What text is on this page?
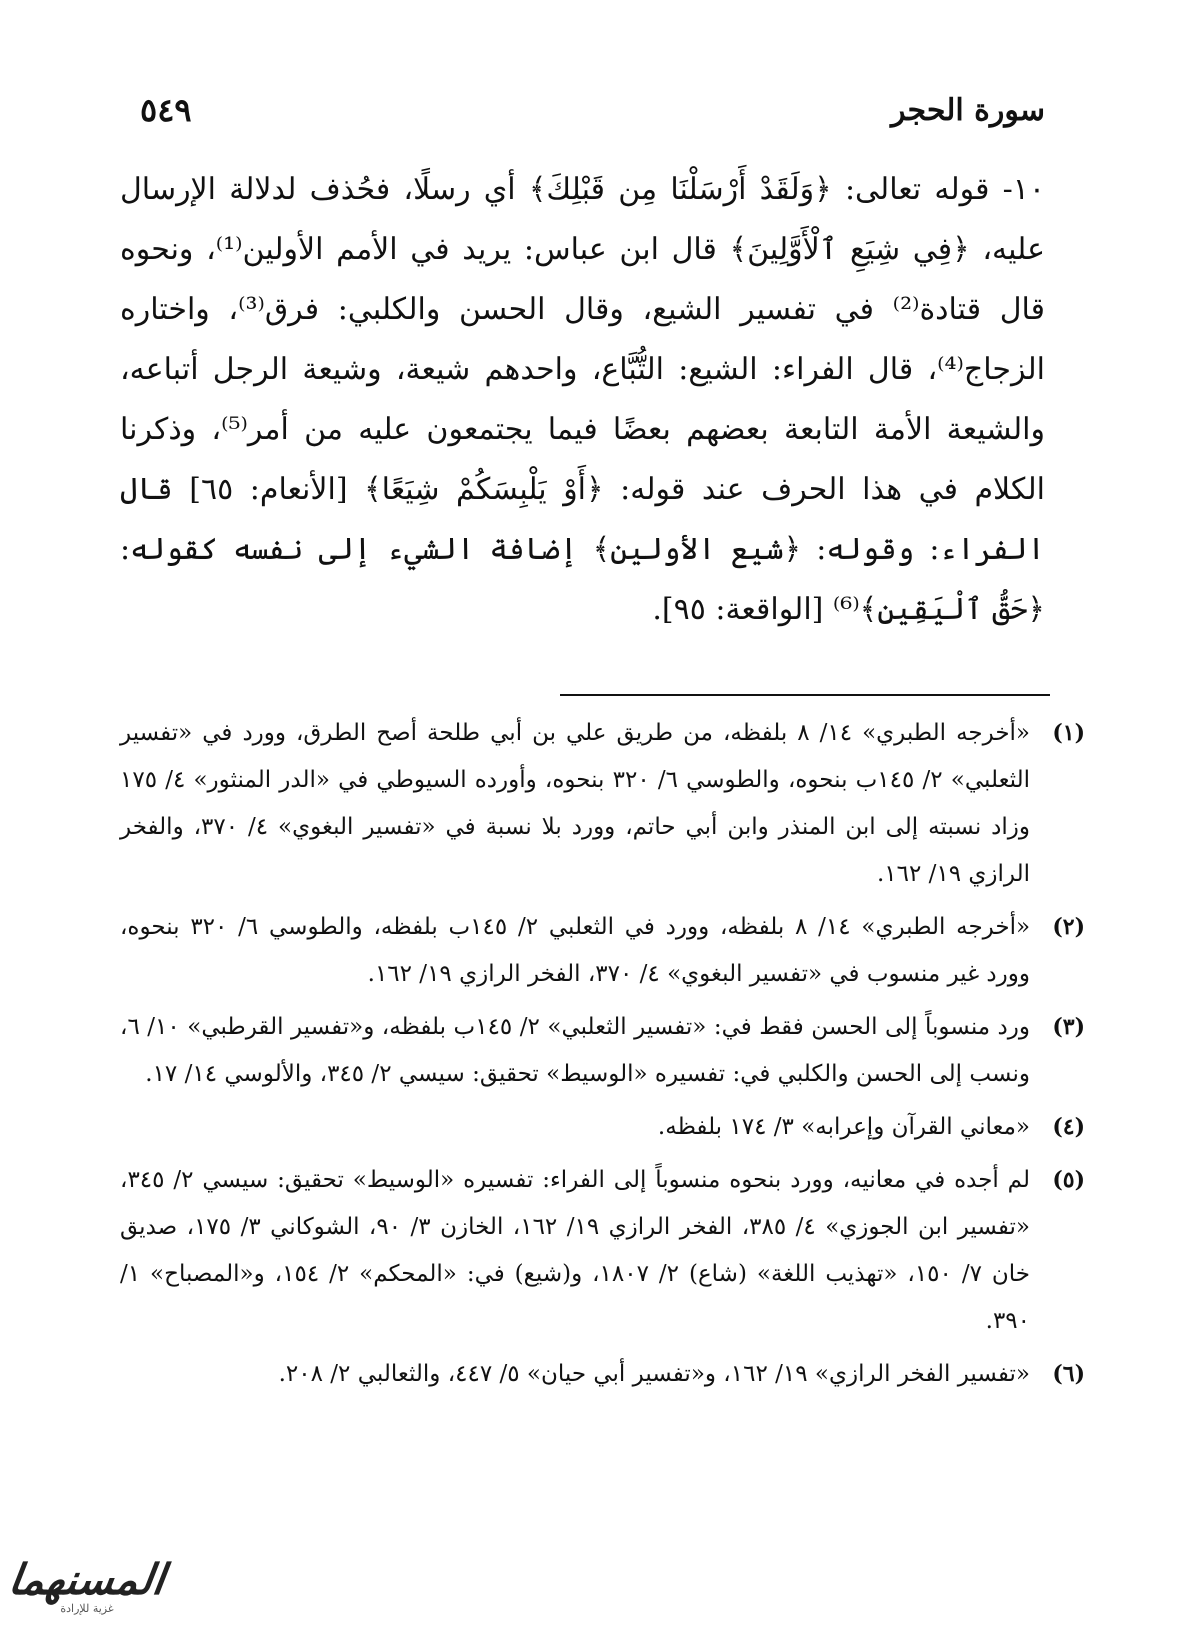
سورة الحجر
٥٤٩

١٠- قوله تعالى: ﴿وَلَقَدْ أَرْسَلْنَا مِن قَبْلِكَ﴾ أي رسلًا، فحُذف لدلالة الإرسال عليه، ﴿فِي شِيَعِ ٱلْأَوَّلِينَ﴾ قال ابن عباس: يريد في الأمم الأولين⁽¹⁾، ونحوه قال قتادة⁽²⁾ في تفسير الشيع، وقال الحسن والكلبي: فرق⁽³⁾، واختاره الزجاج⁽⁴⁾، قال الفراء: الشيع: التُّبَّاع، واحدهم شيعة، وشيعة الرجل أتباعه، والشيعة الأمة التابعة بعضهم بعضًا فيما يجتمعون عليه من أمر⁽⁵⁾، وذكرنا الكلام في هذا الحرف عند قوله: ﴿أَوْ يَلْبِسَكُمْ شِيَعًا﴾ [الأنعام: ٦٥] قال الفراء: وقوله: ﴿شيع الأولين﴾ إضافة الشيء إلى نفسه كقوله: ﴿حَقُّ ٱلْيَقِينِ﴾⁽⁶⁾ [الواقعة: ٩٥].

(١)
«أخرجه الطبري» ١٤/ ٨ بلفظه، من طريق علي بن أبي طلحة أصح الطرق، وورد في «تفسير الثعلبي» ٢/ ١٤٥ب بنحوه، والطوسي ٦/ ٣٢٠ بنحوه، وأورده السيوطي في «الدر المنثور» ٤/ ١٧٥ وزاد نسبته إلى ابن المنذر وابن أبي حاتم، وورد بلا نسبة في «تفسير البغوي» ٤/ ٣٧٠، والفخر الرازي ١٩/ ١٦٢.
(٢)
«أخرجه الطبري» ١٤/ ٨ بلفظه، وورد في الثعلبي ٢/ ١٤٥ب بلفظه، والطوسي ٦/ ٣٢٠ بنحوه، وورد غير منسوب في «تفسير البغوي» ٤/ ٣٧٠، الفخر الرازي ١٩/ ١٦٢.
(٣)
ورد منسوباً إلى الحسن فقط في: «تفسير الثعلبي» ٢/ ١٤٥ب بلفظه، و«تفسير القرطبي» ١٠/ ٦، ونسب إلى الحسن والكلبي في: تفسيره «الوسيط» تحقيق: سيسي ٢/ ٣٤٥، والألوسي ١٤/ ١٧.
(٤)
«معاني القرآن وإعرابه» ٣/ ١٧٤ بلفظه.
(٥)
لم أجده في معانيه، وورد بنحوه منسوباً إلى الفراء: تفسيره «الوسيط» تحقيق: سيسي ٢/ ٣٤٥، «تفسير ابن الجوزي» ٤/ ٣٨٥، الفخر الرازي ١٩/ ١٦٢، الخازن ٣/ ٩٠، الشوكاني ٣/ ١٧٥، صديق خان ٧/ ١٥٠، «تهذيب اللغة» (شاع) ٢/ ١٨٠٧، و(شيع) في: «المحكم» ٢/ ١٥٤، و«المصباح» ١/ ٣٩٠.
(٦)
«تفسير الفخر الرازي» ١٩/ ١٦٢، و«تفسير أبي حيان» ٥/ ٤٤٧، والثعالبي ٢/ ٢٠٨.
المسنهما
غزية للإرادة
